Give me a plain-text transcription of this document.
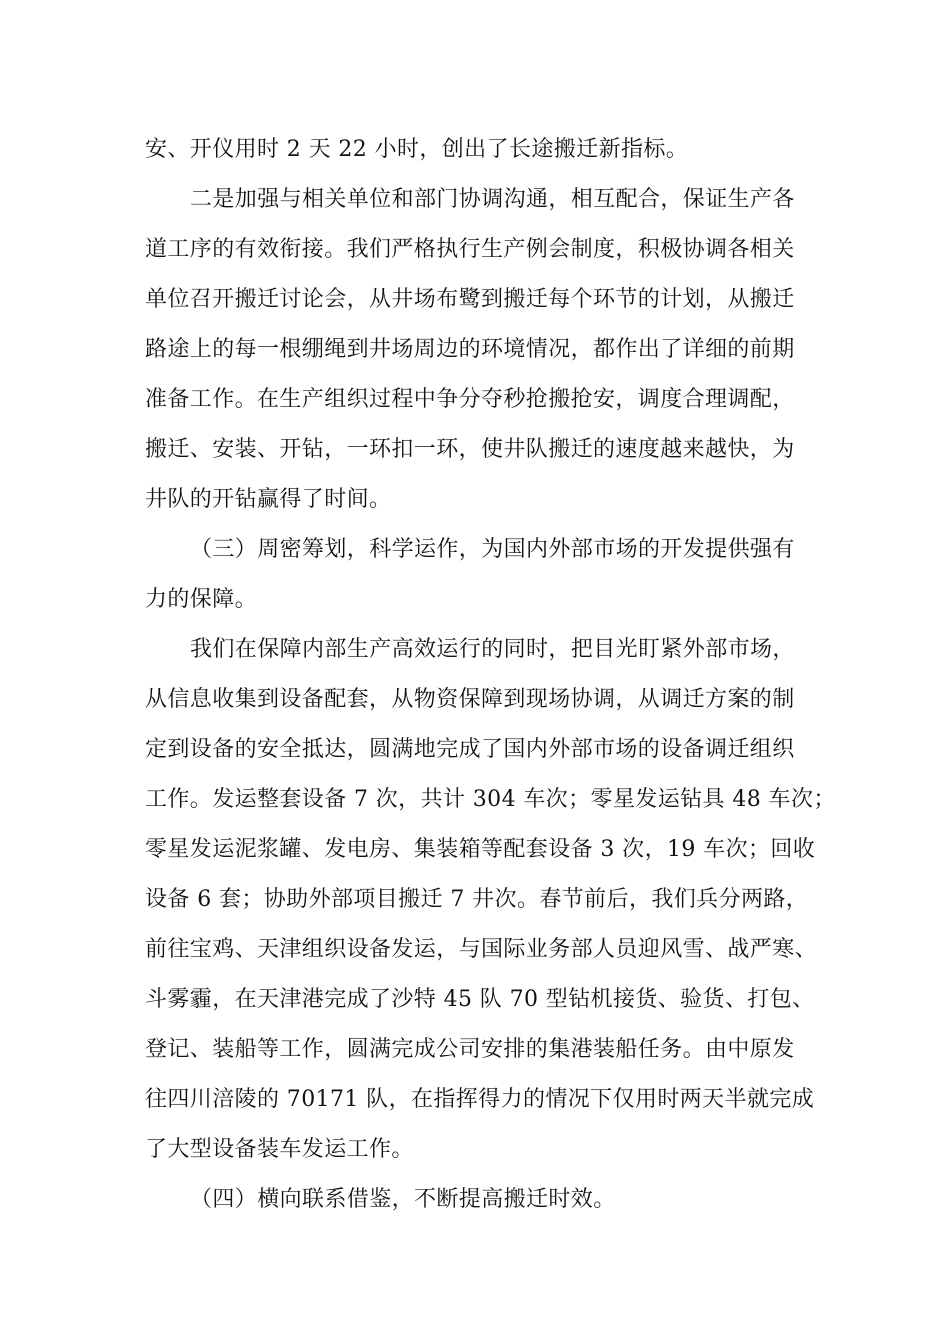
安、开仪用时 2 天 22 小时，创出了长途搬迁新指标。
二是加强与相关单位和部门协调沟通，相互配合，保证生产各
道工序的有效衔接。我们严格执行生产例会制度，积极协调各相关
单位召开搬迁讨论会，从井场布鹭到搬迁每个环节的计划，从搬迁
路途上的每一根绷绳到井场周边的环境情况，都作出了详细的前期
准备工作。在生产组织过程中争分夺秒抢搬抢安，调度合理调配，
搬迁、安装、开钻，一环扣一环，使井队搬迁的速度越来越快，为
井队的开钻赢得了时间。
（三）周密筹划，科学运作，为国内外部市场的开发提供强有
力的保障。
我们在保障内部生产高效运行的同时，把目光盯紧外部市场，
从信息收集到设备配套，从物资保障到现场协调，从调迁方案的制
定到设备的安全抵达，圆满地完成了国内外部市场的设备调迁组织
工作。发运整套设备 7 次，共计 304 车次；零星发运钻具 48 车次；
零星发运泥浆罐、发电房、集装箱等配套设备 3 次，19 车次；回收
设备 6 套；协助外部项目搬迁 7 井次。春节前后，我们兵分两路，
前往宝鸡、天津组织设备发运，与国际业务部人员迎风雪、战严寒、
斗雾霾，在天津港完成了沙特 45 队 70 型钻机接货、验货、打包、
登记、装船等工作，圆满完成公司安排的集港装船任务。由中原发
往四川涪陵的 70171 队，在指挥得力的情况下仅用时两天半就完成
了大型设备装车发运工作。
（四）横向联系借鉴，不断提高搬迁时效。
